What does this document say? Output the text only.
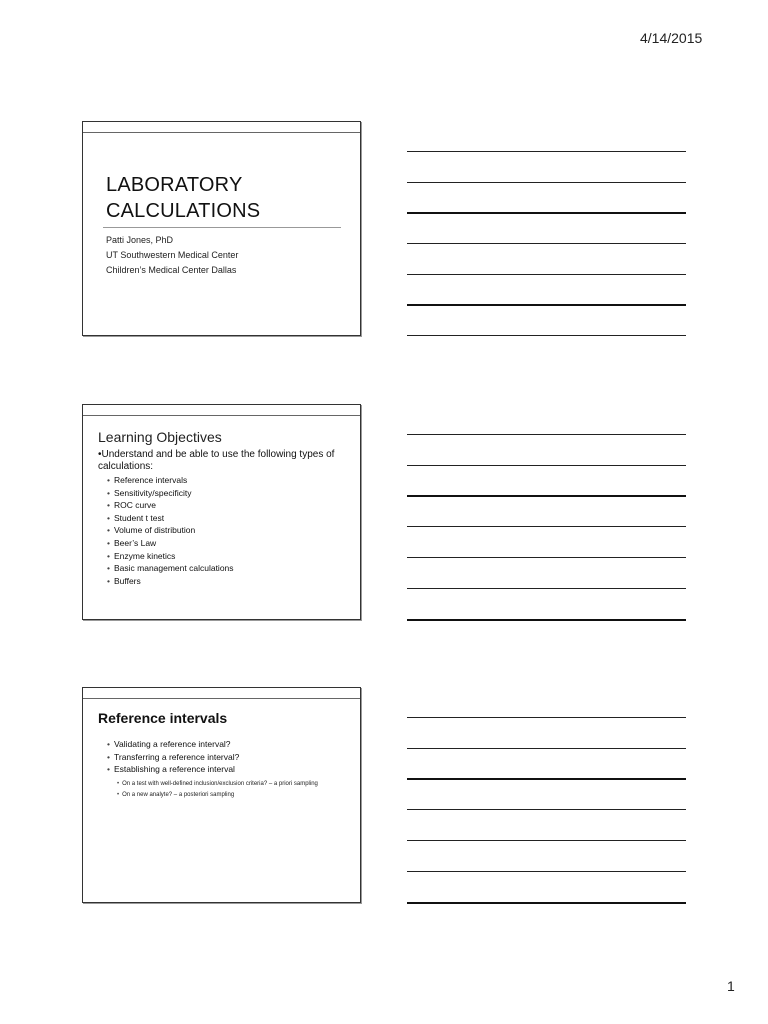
4/14/2015
LABORATORY
CALCULATIONS
Patti Jones, PhD
UT Southwestern Medical Center
Children’s Medical Center Dallas
Learning Objectives
•Understand and be able to use the following types of calculations:
• Reference intervals
• Sensitivity/specificity
• ROC curve
• Student t test
• Volume of distribution
• Beer’s Law
• Enzyme kinetics
• Basic management calculations
• Buffers
Reference intervals
• Validating a reference interval?
• Transferring a reference interval?
• Establishing a reference interval
• On a test with well-defined inclusion/exclusion criteria? – a priori sampling
• On a new analyte? – a posteriori sampling
1
